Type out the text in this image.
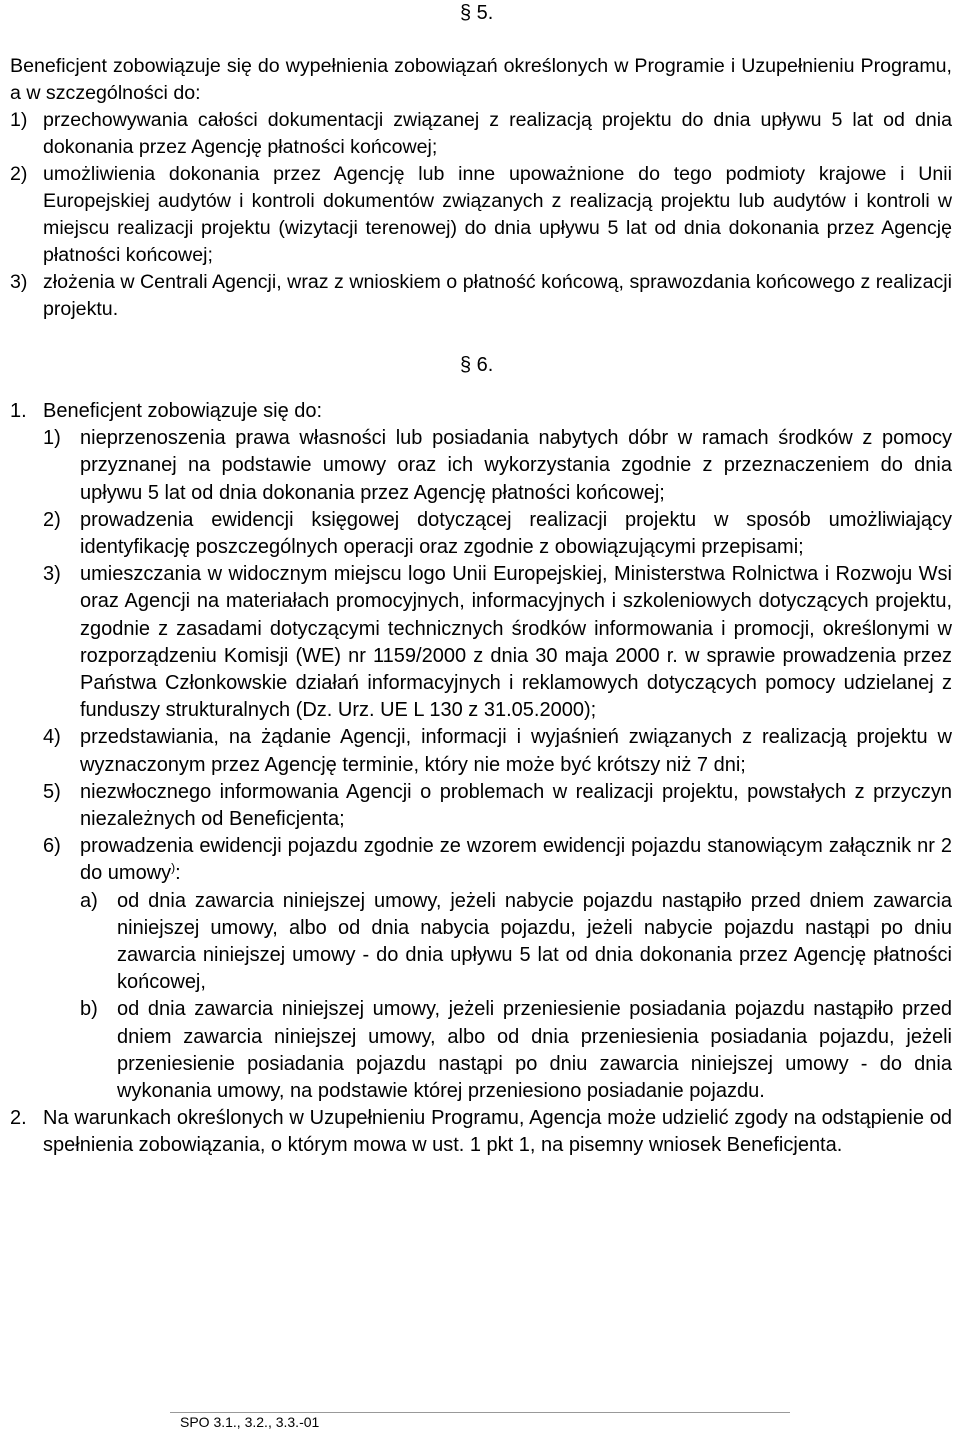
§ 5.

Beneficjent zobowiązuje się do wypełnienia zobowiązań określonych w Programie i Uzupełnieniu Programu, a w szczególności do:

1) przechowywania całości dokumentacji związanej z realizacją projektu do dnia upływu 5 lat od dnia dokonania przez Agencję płatności końcowej;
2) umożliwienia dokonania przez Agencję lub inne upoważnione do tego podmioty krajowe i Unii Europejskiej audytów i kontroli dokumentów związanych z realizacją projektu lub audytów i kontroli w miejscu realizacji projektu (wizytacji terenowej) do dnia upływu 5 lat od dnia dokonania przez Agencję płatności końcowej;
3) złożenia w Centrali Agencji, wraz z wnioskiem o płatność końcową, sprawozdania końcowego z realizacji projektu.
§ 6.
1. Beneficjent zobowiązuje się do:
1) nieprzenoszenia prawa własności lub posiadania nabytych dóbr w ramach środków z pomocy przyznanej na podstawie umowy oraz ich wykorzystania zgodnie z przeznaczeniem do dnia upływu 5 lat od dnia dokonania przez Agencję płatności końcowej;
2) prowadzenia ewidencji księgowej dotyczącej realizacji projektu w sposób umożliwiający identyfikację poszczególnych operacji oraz zgodnie z obowiązującymi przepisami;
3) umieszczania w widocznym miejscu logo Unii Europejskiej, Ministerstwa Rolnictwa i Rozwoju Wsi oraz Agencji na materiałach promocyjnych, informacyjnych i szkoleniowych dotyczących projektu, zgodnie z zasadami dotyczącymi technicznych środków informowania i promocji, określonymi w rozporządzeniu Komisji (WE) nr 1159/2000 z dnia 30 maja 2000 r. w sprawie prowadzenia przez Państwa Członkowskie działań informacyjnych i reklamowych dotyczących pomocy udzielanej z funduszy strukturalnych (Dz. Urz. UE L 130 z 31.05.2000);
4) przedstawiania, na żądanie Agencji, informacji i wyjaśnień związanych z realizacją projektu w wyznaczonym przez Agencję terminie, który nie może być krótszy niż 7 dni;
5) niezwłocznego informowania Agencji o problemach w realizacji projektu, powstałych z przyczyn niezależnych od Beneficjenta;
6) prowadzenia ewidencji pojazdu zgodnie ze wzorem ewidencji pojazdu stanowiącym załącznik nr 2 do umowy):
a) od dnia zawarcia niniejszej umowy, jeżeli nabycie pojazdu nastąpiło przed dniem zawarcia niniejszej umowy, albo od dnia nabycia pojazdu, jeżeli nabycie pojazdu nastąpi po dniu zawarcia niniejszej umowy - do dnia upływu 5 lat od dnia dokonania przez Agencję płatności końcowej,
b) od dnia zawarcia niniejszej umowy, jeżeli przeniesienie posiadania pojazdu nastąpiło przed dniem zawarcia niniejszej umowy, albo od dnia przeniesienia posiadania pojazdu, jeżeli przeniesienie posiadania pojazdu nastąpi po dniu zawarcia niniejszej umowy - do dnia wykonania umowy, na podstawie której przeniesiono posiadanie pojazdu.
2. Na warunkach określonych w Uzupełnieniu Programu, Agencja może udzielić zgody na odstąpienie od spełnienia zobowiązania, o którym mowa w ust. 1 pkt 1, na pisemny wniosek Beneficjenta.
SPO 3.1., 3.2., 3.3.-01
